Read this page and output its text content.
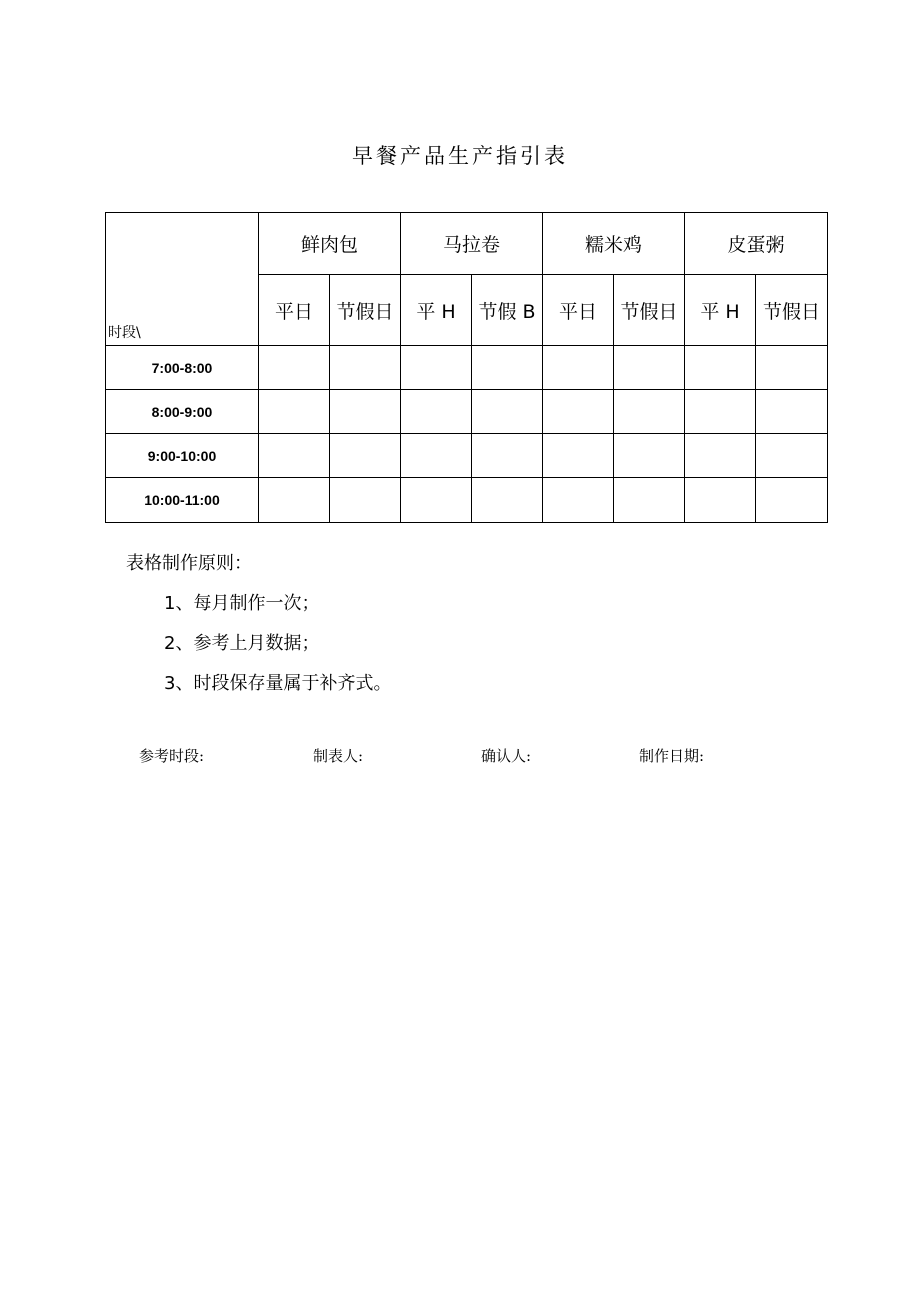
早餐产品生产指引表
时段\	鲜肉包		马拉卷		糯米鸡		皮蛋粥	
	平日	节假日	平 H	节假 B	平日	节假日	平 H	节假日
7:00-8:00								
8:00-9:00								
9:00-10:00								
10:00-11:00								
表格制作原则：
1、每月制作一次；
2、参考上月数据；
3、时段保存量属于补齐式。
参考时段:	制表人:	确认人:	制作日期:
